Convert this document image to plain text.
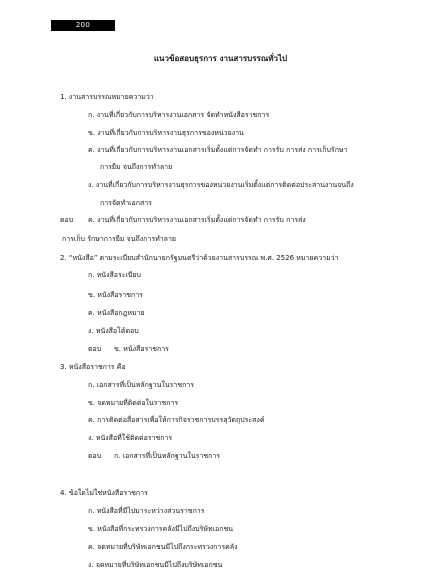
200
แนวข้อสอบธุรการ งานสารบรรณทั่วไป
1. งานสารบรรณหมายความว่า
ก. งานที่เกี่ยวกับการบริหารงานเอกสาร จัดทำหนังสือราชการ
ข. งานที่เกี่ยวกับการบริหารงานธุรการของหน่วยงาน
ค. งานที่เกี่ยวกับการบริหารงานเอกสารเริ่มตั้งแต่การจัดทำ การรับ การส่ง การเก็บรักษา
การยืม จนถึงการทำลาย
ง. งานที่เกี่ยวกับการบริหารงานธุรการของหน่วยงานเริ่มตั้งแต่การติดต่อประสานงานจนถึง
การจัดทำเอกสาร
ตอบ ค. งานที่เกี่ยวกับการบริหารงานเอกสารเริ่มตั้งแต่การจัดทำ การรับ การส่ง
การเก็บ รักษาการยืม จนถึงการทำลาย
2. “หนังสือ” ตามระเบียบสำนักนายกรัฐมนตรีว่าด้วยงานสารบรรณ พ.ศ. 2526 หมายความว่า
ก. หนังสือระเบียบ
ข. หนังสือราชการ
ค. หนังสือกฎหมาย
ง. หนังสือโต้ตอบ
ตอบ ข. หนังสือราชการ
3. หนังสือราชการ คือ
ก. เอกสารที่เป็นหลักฐานในราชการ
ข. จดหมายที่ติดต่อในราชการ
ค. การติดต่อสื่อสารเพื่อให้การกิจราชการบรรลุวัตถุประสงค์
ง. หนังสือที่ใช้ติดต่อราชการ
ตอบ ก. เอกสารที่เป็นหลักฐานในราชการ
4. ข้อใดไม่ใช่หนังสือราชการ
ก. หนังสือที่มีไปมาระหว่างส่วนราชการ
ข. หนังสือที่กระทรวงการคลังมีไปถึงบริษัทเอกชน
ค. จดหมายที่บริษัทเอกชนมีไปถึงกระทรวงการคลัง
ง. จดหมายที่บริษัทเอกชนมีไปถึงบริษัทเอกชน
